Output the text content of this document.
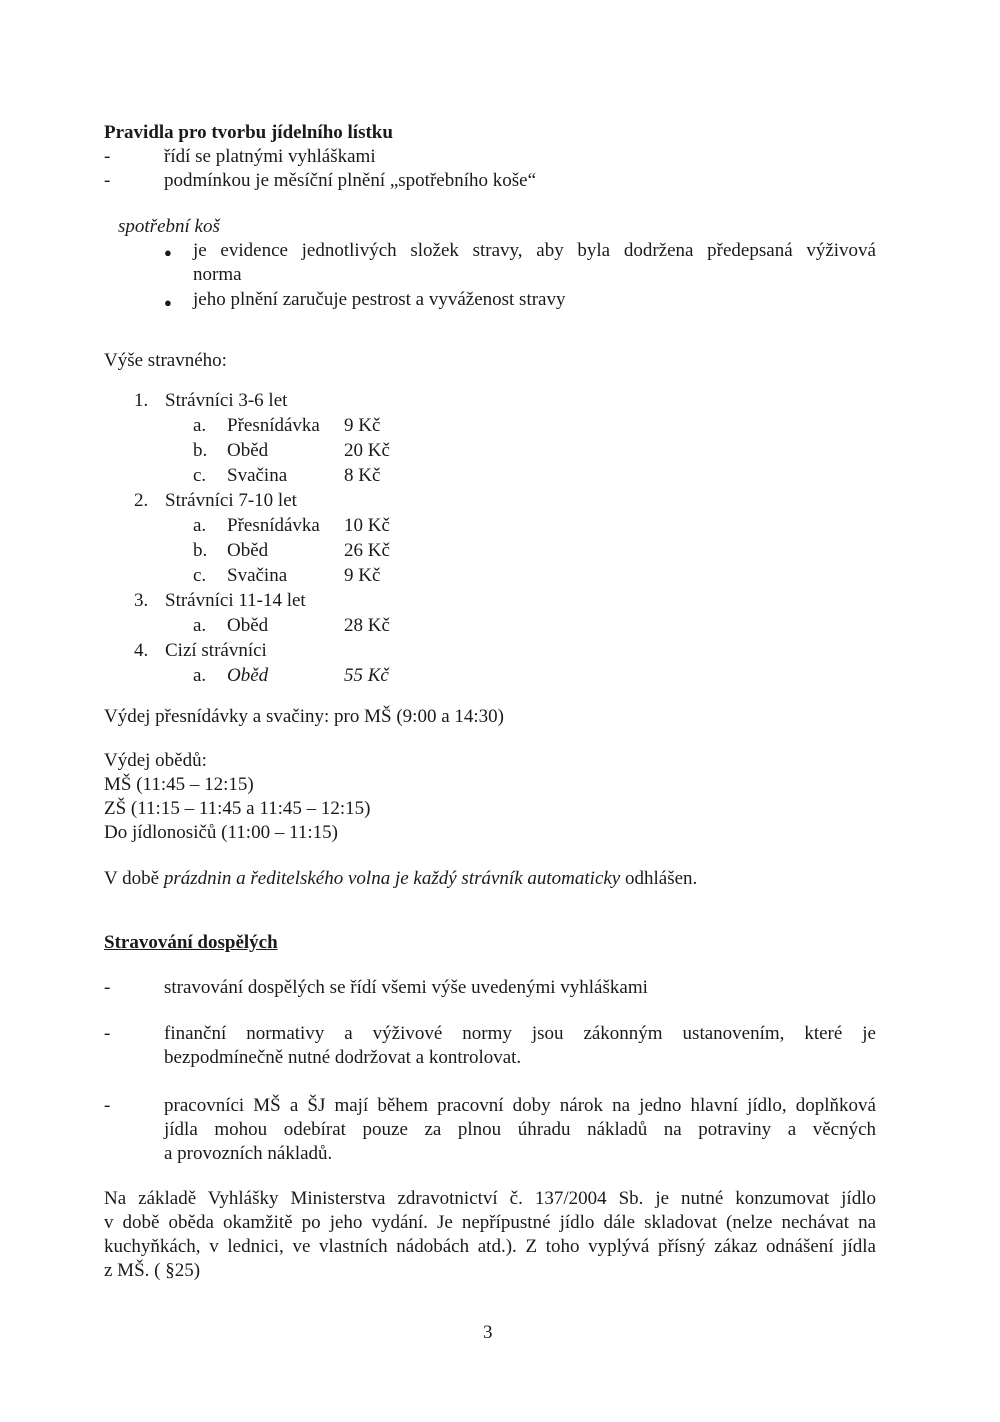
Pravidla pro tvorbu jídelního lístku
-	řídí se platnými vyhláškami
-	podmínkou je měsíční plnění „spotřebního koše“
spotřební koš
● je evidence jednotlivých složek stravy, aby byla dodržena předepsaná výživová
norma
● jeho plnění zaručuje pestrost a vyváženost stravy
Výše stravného:
1. Strávníci 3-6 let
a. Přesnídávka 9 Kč
b. Oběd	20 Kč
c. Svačina	8 Kč
2. Strávníci 7-10 let
a. Přesnídávka 10 Kč
b. Oběd	26 Kč
c. Svačina	9 Kč
3. Strávníci 11-14 let
a. Oběd	28 Kč
4. Cizí strávníci
a. Oběd	55 Kč
Výdej přesnídávky a svačiny: pro MŠ (9:00 a 14:30)
Výdej obědů:
MŠ (11:45 – 12:15)
ZŠ (11:15 – 11:45 a 11:45 – 12:15)
Do jídlonosičů (11:00 – 11:15)
V době prázdnin a ředitelského volna je každý strávník automaticky odhlášen.
Stravování dospělých
-	stravování dospělých se řídí všemi výše uvedenými vyhláškami
-	finanční normativy a výživové normy jsou zákonným ustanovením, které je
bezpodmínečně nutné dodržovat a kontrolovat.
-	pracovníci MŠ a ŠJ mají během pracovní doby nárok na jedno hlavní jídlo, doplňková
jídla mohou odebírat pouze za plnou úhradu nákladů na potraviny a věcných
a provozních nákladů.
Na základě Vyhlášky Ministerstva zdravotnictví č. 137/2004 Sb. je nutné konzumovat jídlo
v době oběda okamžitě po jeho vydání. Je nepřípustné jídlo dále skladovat (nelze nechávat na
kuchyňkách, v lednici, ve vlastních nádobách atd.). Z toho vyplývá přísný zákaz odnášení jídla
z MŠ. ( §25)
3
